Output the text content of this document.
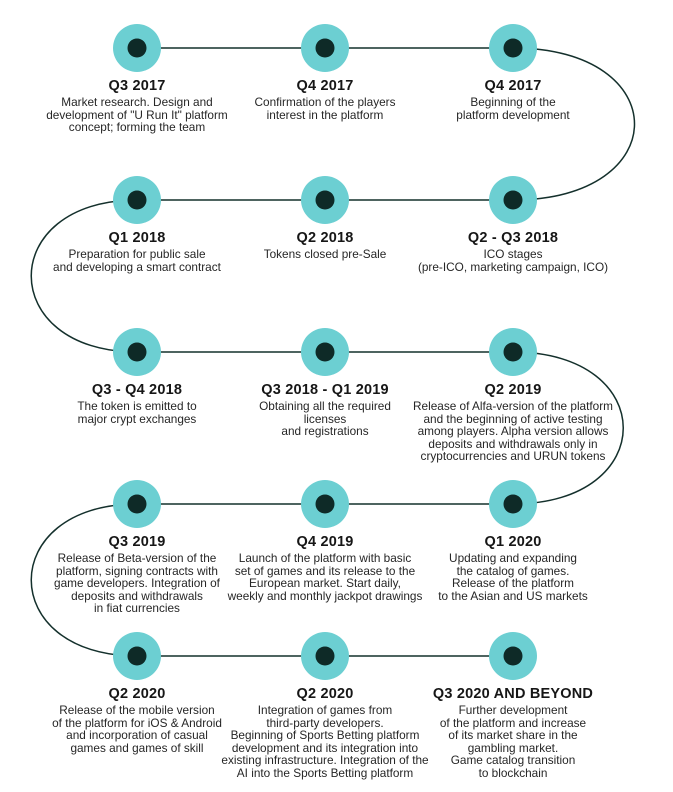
Q3 2017
Market research. Design and
development of "U Run It" platform
concept; forming the team
Q4 2017
Confirmation of the players
interest in the platform
Q4 2017
Beginning of the
platform development
Q2 - Q3 2018
ICO stages
(pre-ICO, marketing campaign, ICO)
Q2 2018
Tokens closed pre-Sale
Q1 2018
Preparation for public sale
and developing a smart contract
Q3 - Q4 2018
The token is emitted to
major crypt exchanges
Q3 2018 - Q1 2019
Obtaining all the required
licenses
and registrations
Q2 2019
Release of Alfa-version of the platform
and the beginning of active testing
among players. Alpha version allows
deposits and withdrawals only in
cryptocurrencies and URUN tokens
Q1 2020
Updating and expanding
the catalog of games.
Release of the platform
to the Asian and US markets
Q4 2019
Launch of the platform with basic
set of games and its release to the
European market. Start daily,
weekly and monthly jackpot drawings
Q3 2019
Release of Beta-version of the
platform, signing contracts with
game developers. Integration of
deposits and withdrawals
in fiat currencies
Q2 2020
Release of the mobile version
of the platform for iOS & Android
and incorporation of casual
games and games of skill
Q2 2020
Integration of games from
third-party developers.
Beginning of Sports Betting platform
development and its integration into
existing infrastructure. Integration of the
AI into the Sports Betting platform
Q3 2020 AND BEYOND
Further development
of the platform and increase
of its market share in the
gambling market.
Game catalog transition
to blockchain
